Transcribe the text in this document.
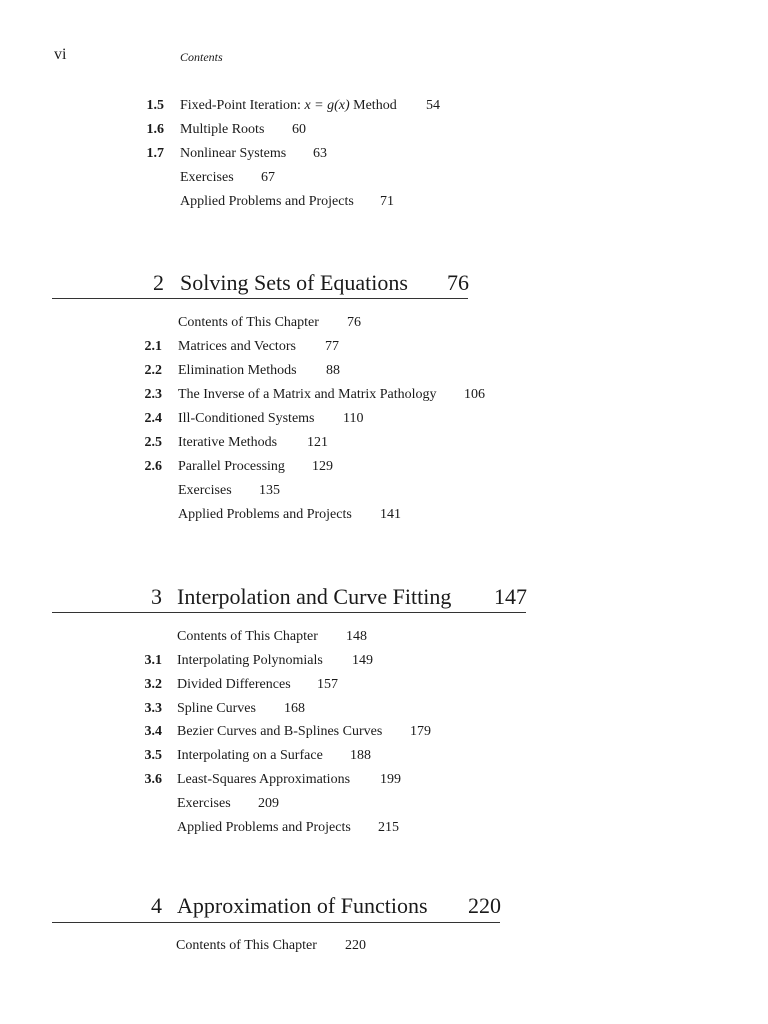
vi	Contents
1.5 Fixed-Point Iteration: x = g(x) Method 54
1.6 Multiple Roots 60
1.7 Nonlinear Systems 63
Exercises 67
Applied Problems and Projects 71
2 Solving Sets of Equations 76
Contents of This Chapter 76
2.1 Matrices and Vectors 77
2.2 Elimination Methods 88
2.3 The Inverse of a Matrix and Matrix Pathology 106
2.4 Ill-Conditioned Systems 110
2.5 Iterative Methods 121
2.6 Parallel Processing 129
Exercises 135
Applied Problems and Projects 141
3 Interpolation and Curve Fitting 147
Contents of This Chapter 148
3.1 Interpolating Polynomials 149
3.2 Divided Differences 157
3.3 Spline Curves 168
3.4 Bezier Curves and B-Splines Curves 179
3.5 Interpolating on a Surface 188
3.6 Least-Squares Approximations 199
Exercises 209
Applied Problems and Projects 215
4 Approximation of Functions 220
Contents of This Chapter 220
